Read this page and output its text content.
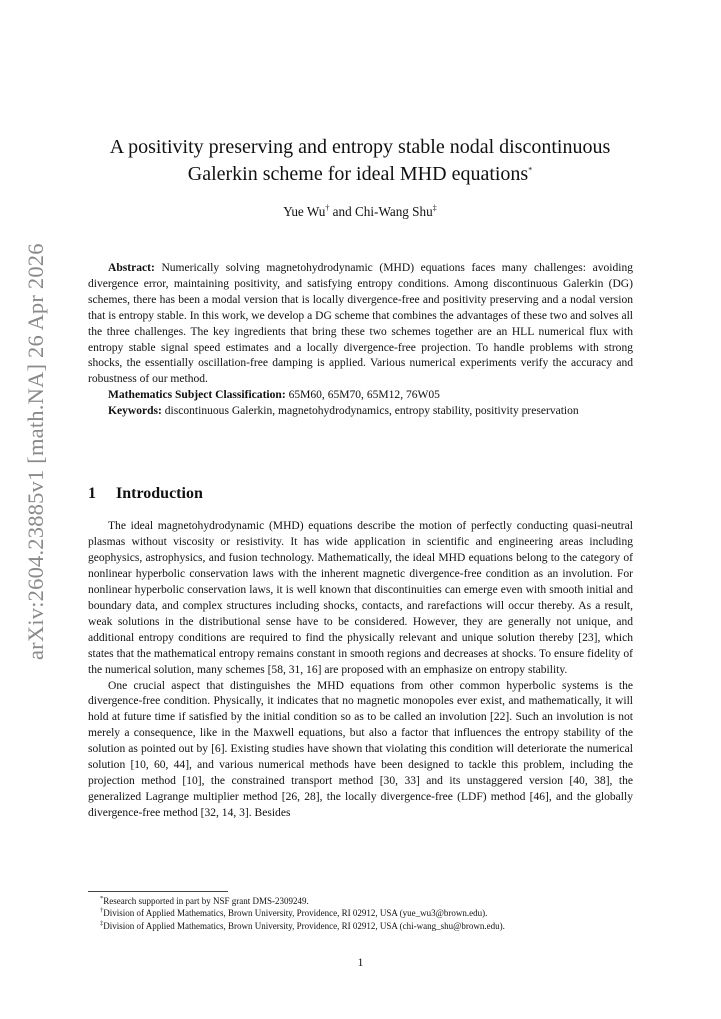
arXiv:2604.23885v1 [math.NA] 26 Apr 2026
A positivity preserving and entropy stable nodal discontinuous
Galerkin scheme for ideal MHD equations*
Yue Wu† and Chi-Wang Shu‡

Abstract: Numerically solving magnetohydrodynamic (MHD) equations faces many challenges: avoiding divergence error, maintaining positivity, and satisfying entropy conditions. Among discontinuous Galerkin (DG) schemes, there has been a modal version that is locally divergence-free and positivity preserving and a nodal version that is entropy stable. In this work, we develop a DG scheme that combines the advantages of these two and solves all the three challenges. The key ingredients that bring these two schemes together are an HLL numerical flux with entropy stable signal speed estimates and a locally divergence-free projection. To handle problems with strong shocks, the essentially oscillation-free damping is applied. Various numerical experiments verify the accuracy and robustness of our method.

Mathematics Subject Classification: 65M60, 65M70, 65M12, 76W05

Keywords: discontinuous Galerkin, magnetohydrodynamics, entropy stability, positivity preservation

1 Introduction

The ideal magnetohydrodynamic (MHD) equations describe the motion of perfectly conducting quasi-neutral plasmas without viscosity or resistivity. It has wide application in scientific and engineering areas including geophysics, astrophysics, and fusion technology. Mathematically, the ideal MHD equations belong to the category of nonlinear hyperbolic conservation laws with the inherent magnetic divergence-free condition as an involution. For nonlinear hyperbolic conservation laws, it is well known that discontinuities can emerge even with smooth initial and boundary data, and complex structures including shocks, contacts, and rarefactions will occur thereby. As a result, weak solutions in the distributional sense have to be considered. However, they are generally not unique, and additional entropy conditions are required to find the physically relevant and unique solution thereby [23], which states that the mathematical entropy remains constant in smooth regions and decreases at shocks. To ensure fidelity of the numerical solution, many schemes [58, 31, 16] are proposed with an emphasize on entropy stability.

One crucial aspect that distinguishes the MHD equations from other common hyperbolic systems is the divergence-free condition. Physically, it indicates that no magnetic monopoles ever exist, and mathematically, it will hold at future time if satisfied by the initial condition so as to be called an involution [22]. Such an involution is not merely a consequence, like in the Maxwell equations, but also a factor that influences the entropy stability of the solution as pointed out by [6]. Existing studies have shown that violating this condition will deteriorate the numerical solution [10, 60, 44], and various numerical methods have been designed to tackle this problem, including the projection method [10], the constrained transport method [30, 33] and its unstaggered version [40, 38], the generalized Lagrange multiplier method [26, 28], the locally divergence-free (LDF) method [46], and the globally divergence-free method [32, 14, 3]. Besides

*Research supported in part by NSF grant DMS-2309249.
†Division of Applied Mathematics, Brown University, Providence, RI 02912, USA (yue_wu3@brown.edu).
‡Division of Applied Mathematics, Brown University, Providence, RI 02912, USA (chi-wang_shu@brown.edu).
1
